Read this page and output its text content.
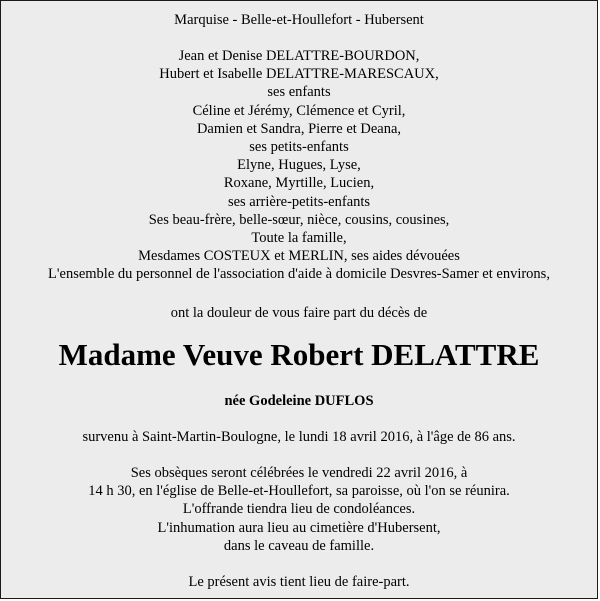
Marquise - Belle-et-Houllefort - Hubersent
Jean et Denise DELATTRE-BOURDON,
Hubert et Isabelle DELATTRE-MARESCAUX,
ses enfants
Céline et Jérémy, Clémence et Cyril,
Damien et Sandra, Pierre et Deana,
ses petits-enfants
Elyne, Hugues, Lyse,
Roxane, Myrtille, Lucien,
ses arrière-petits-enfants
Ses beau-frère, belle-sœur, nièce, cousins, cousines,
Toute la famille,
Mesdames COSTEUX et MERLIN, ses aides dévouées
L'ensemble du personnel de l'association d'aide à domicile Desvres-Samer et environs,
ont la douleur de vous faire part du décès de
Madame Veuve Robert DELATTRE
née Godeleine DUFLOS
survenu à Saint-Martin-Boulogne, le lundi 18 avril 2016, à l'âge de 86 ans.
Ses obsèques seront célébrées le vendredi 22 avril 2016, à
14 h 30, en l'église de Belle-et-Houllefort, sa paroisse, où l'on se réunira.
L'offrande tiendra lieu de condoléances.
L'inhumation aura lieu au cimetière d'Hubersent,
dans le caveau de famille.
Le présent avis tient lieu de faire-part.
